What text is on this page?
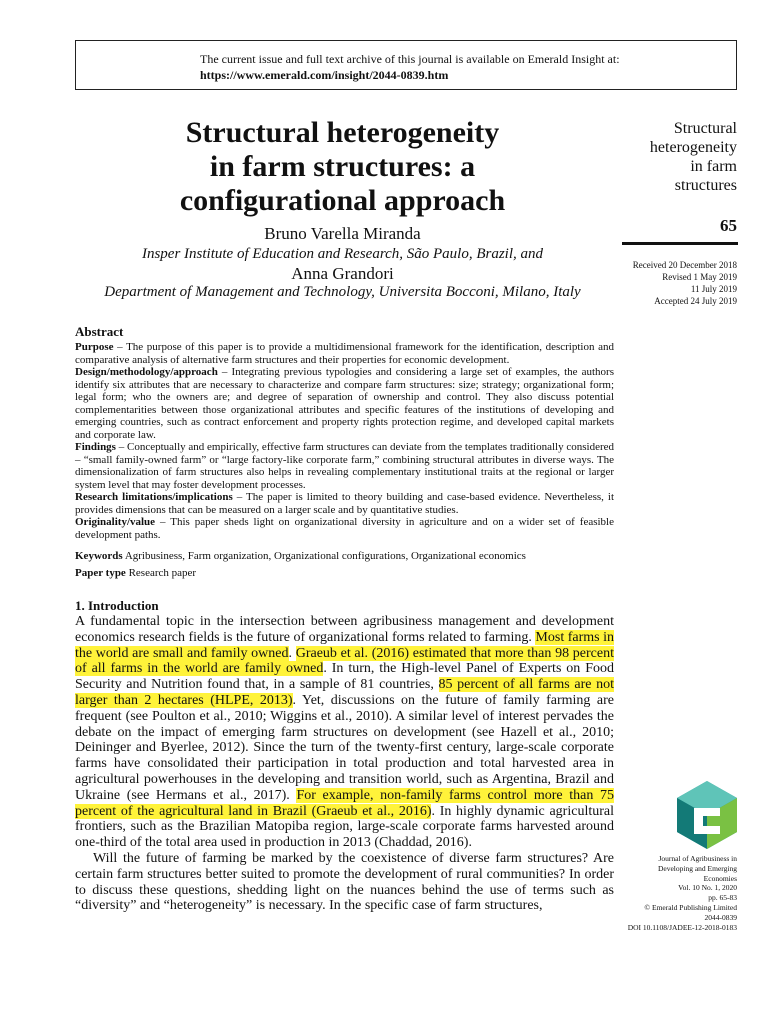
The current issue and full text archive of this journal is available on Emerald Insight at:
https://www.emerald.com/insight/2044-0839.htm
Structural heterogeneity
in farm structures: a
configurational approach
Bruno Varella Miranda
Insper Institute of Education and Research, São Paulo, Brazil, and
Anna Grandori
Department of Management and Technology, Universita Bocconi, Milano, Italy
Structural
heterogeneity
in farm
structures
65
Received 20 December 2018
Revised 1 May 2019
11 July 2019
Accepted 24 July 2019
Abstract

Purpose – The purpose of this paper is to provide a multidimensional framework for the identification, description and comparative analysis of alternative farm structures and their properties for economic development.

Design/methodology/approach – Integrating previous typologies and considering a large set of examples, the authors identify six attributes that are necessary to characterize and compare farm structures: size; strategy; organizational form; legal form; who the owners are; and degree of separation of ownership and control. They also discuss potential complementarities between those organizational attributes and specific features of the institutions of developing and emerging countries, such as contract enforcement and property rights protection regime, and developed capital markets and corporate law.

Findings – Conceptually and empirically, effective farm structures can deviate from the templates traditionally considered – “small family-owned farm” or “large factory-like corporate farm,” combining structural attributes in diverse ways. The dimensionalization of farm structures also helps in revealing complementary institutional traits at the regional or larger system level that may foster development processes.

Research limitations/implications – The paper is limited to theory building and case-based evidence. Nevertheless, it provides dimensions that can be measured on a larger scale and by quantitative studies.

Originality/value – This paper sheds light on organizational diversity in agriculture and on a wider set of feasible development paths.

Keywords Agribusiness, Farm organization, Organizational configurations, Organizational economics
Paper type Research paper
1. Introduction

A fundamental topic in the intersection between agribusiness management and development economics research fields is the future of organizational forms related to farming. Most farms in the world are small and family owned. Graeub et al. (2016) estimated that more than 98 percent of all farms in the world are family owned. In turn, the High-level Panel of Experts on Food Security and Nutrition found that, in a sample of 81 countries, 85 percent of all farms are not larger than 2 hectares (HLPE, 2013). Yet, discussions on the future of family farming are frequent (see Poulton et al., 2010; Wiggins et al., 2010). A similar level of interest pervades the debate on the impact of emerging farm structures on development (see Hazell et al., 2010; Deininger and Byerlee, 2012). Since the turn of the twenty-first century, large-scale corporate farms have consolidated their participation in total production and total harvested area in agricultural powerhouses in the developing and transition world, such as Argentina, Brazil and Ukraine (see Hermans et al., 2017). For example, non-family farms control more than 75 percent of the agricultural land in Brazil (Graeub et al., 2016). In highly dynamic agricultural frontiers, such as the Brazilian Matopiba region, large-scale corporate farms harvested around one-third of the total area used in production in 2013 (Chaddad, 2016).

Will the future of farming be marked by the coexistence of diverse farm structures? Are certain farm structures better suited to promote the development of rural communities? In order to discuss these questions, shedding light on the nuances behind the use of terms such as “diversity” and “heterogeneity” is necessary. In the specific case of farm structures,

Journal of Agribusiness in
Developing and Emerging
Economies
Vol. 10 No. 1, 2020
pp. 65-83
© Emerald Publishing Limited
2044-0839
DOI 10.1108/JADEE-12-2018-0183
